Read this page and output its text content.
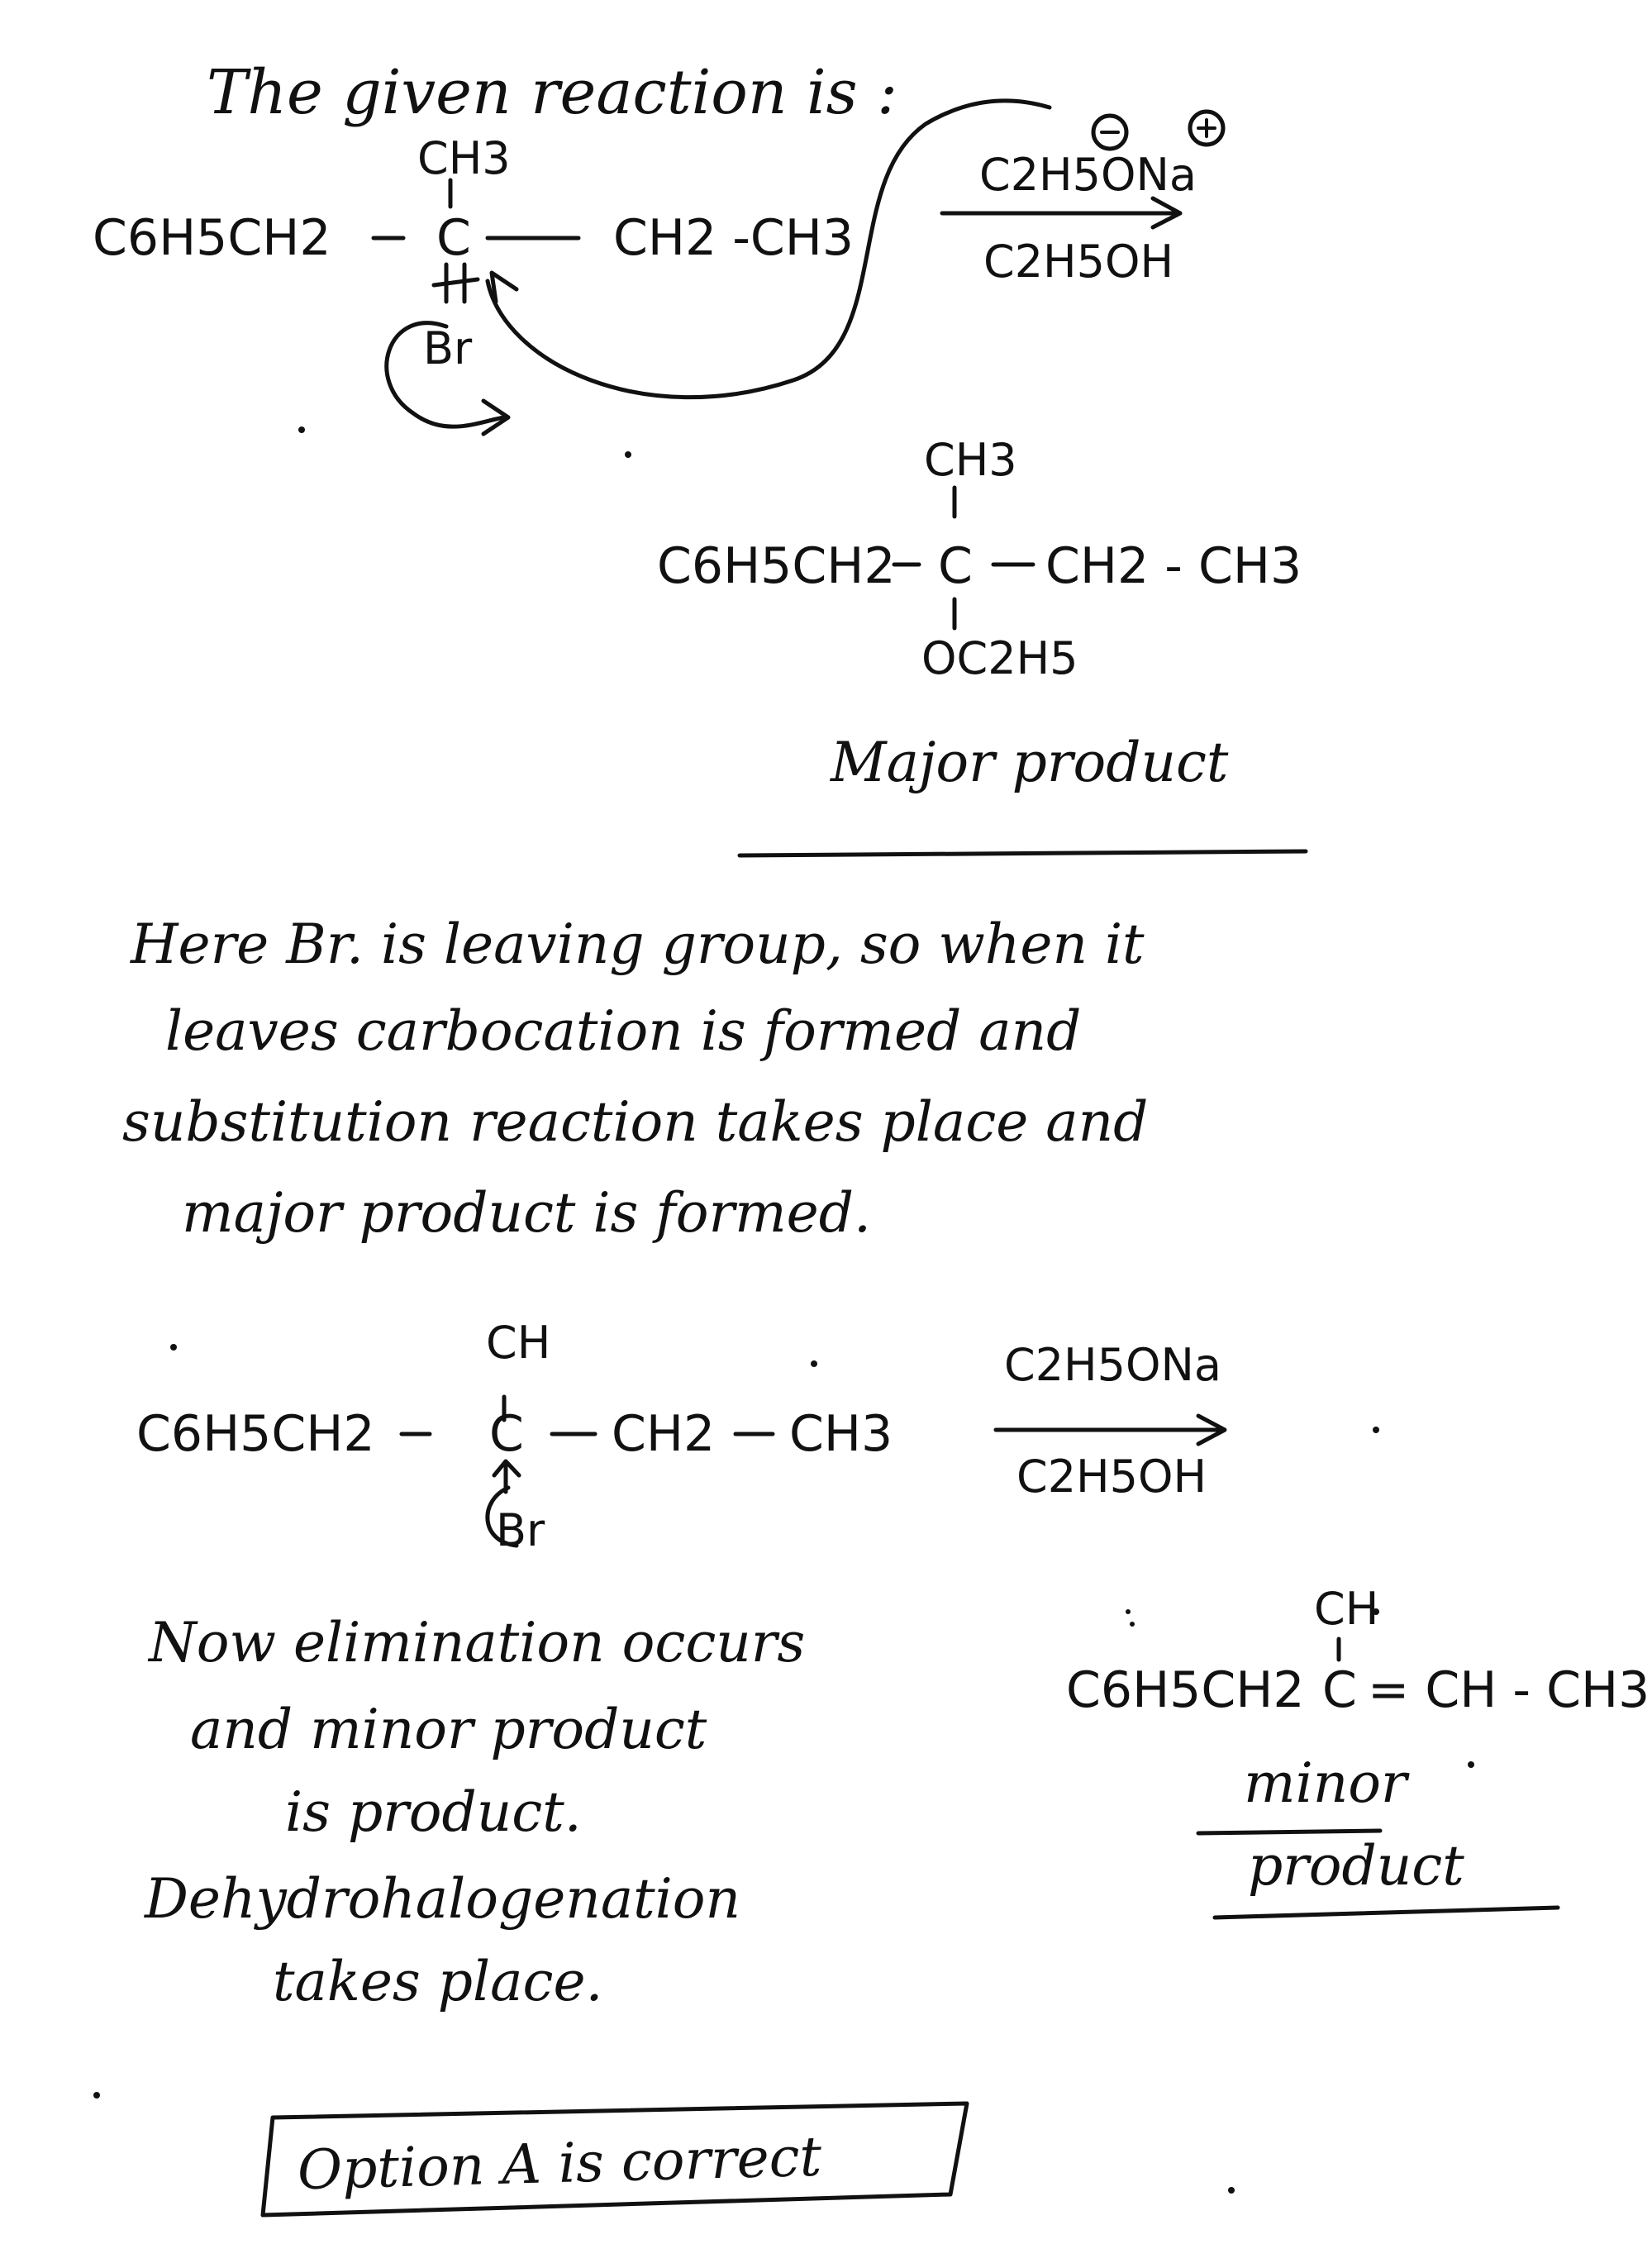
The given reaction is :
C6H5CH2
CH3
C	CH2 -CH3
Br
C2H5ONa
C2H5OH
CH3
C6H5CH2 C CH2 - CH3
OC2H5
Major product
Here Br. is leaving group, so when it
leaves carbocation is formed and
substitution reaction takes place and
major product is formed.
CH
C6H5CH2 C CH2 CH3
Br
C2H5ONa
C2H5OH
Now elimination occurs
and minor product
is product.
Dehydrohalogenation
takes place.
CH
C6H5CH2 C = CH - CH3
minor
product
Option A is correct
